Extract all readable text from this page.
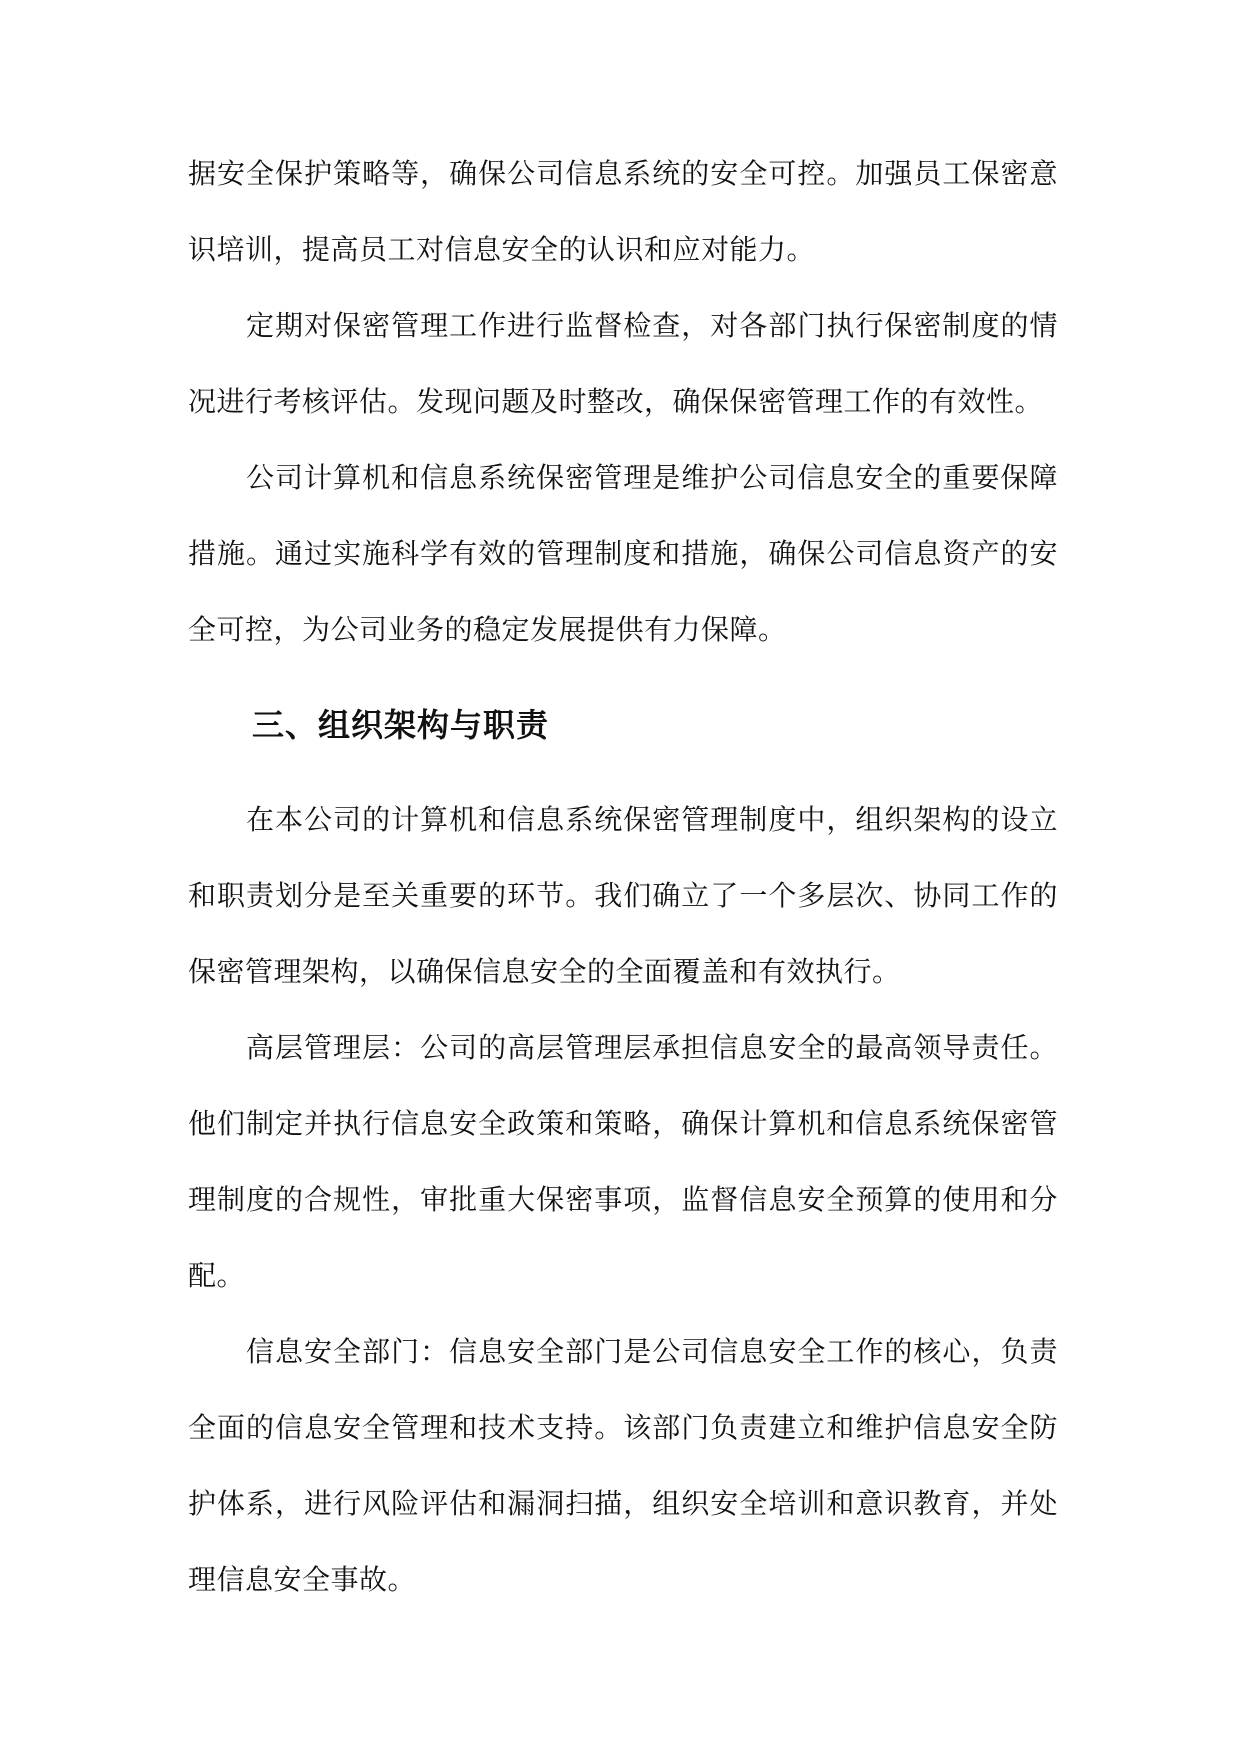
据安全保护策略等，确保公司信息系统的安全可控。加强员工保密意识培训，提高员工对信息安全的认识和应对能力。

定期对保密管理工作进行监督检查，对各部门执行保密制度的情况进行考核评估。发现问题及时整改，确保保密管理工作的有效性。

公司计算机和信息系统保密管理是维护公司信息安全的重要保障措施。通过实施科学有效的管理制度和措施，确保公司信息资产的安全可控，为公司业务的稳定发展提供有力保障。

三、组织架构与职责

在本公司的计算机和信息系统保密管理制度中，组织架构的设立和职责划分是至关重要的环节。我们确立了一个多层次、协同工作的保密管理架构，以确保信息安全的全面覆盖和有效执行。

高层管理层：公司的高层管理层承担信息安全的最高领导责任。他们制定并执行信息安全政策和策略，确保计算机和信息系统保密管理制度的合规性，审批重大保密事项，监督信息安全预算的使用和分配。

信息安全部门：信息安全部门是公司信息安全工作的核心，负责全面的信息安全管理和技术支持。该部门负责建立和维护信息安全防护体系，进行风险评估和漏洞扫描，组织安全培训和意识教育，并处理信息安全事故。
